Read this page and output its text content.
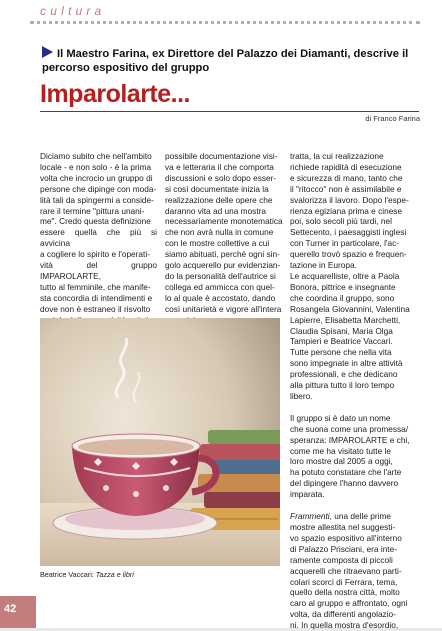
cultura
Il Maestro Farina, ex Direttore del Palazzo dei Diamanti, descrive il percorso espositivo del gruppo
Imparolarte...
di Franco Farina

Diciamo subito che nell'ambito
locale - e non solo - è la prima
volta che incrocio un gruppo di
persone che dipinge con moda-
lità tali da spingermi a conside-
rare il termine "pittura unani-
me". Credo questa definizione
essere quella che più si avvicina
a cogliere lo spirito e l'operati-
vità del gruppo IMPAROLARTE,
tutto al femminile, che manife-
sta concordia di intendimenti e
dove non è estraneo il risvolto

possibile documentazione visi-
va e letteraria il che comporta
discussioni e solo dopo esser-
si così documentate inizia la
realizzazione delle opere che
daranno vita ad una mostra
necessariamente monotematica
che non avrà nulla in comune
con le mostre collettive a cui
siamo abituati, perché ogni sin-
golo acquerello pur evidenzian-
do la personalità dell'autrice si
collega ed ammicca con quel-
lo al quale è accostato, dando
così unitarietà e vigore all'intera

tratta, la cui realizzazione
richiede rapidità di esecuzione
e sicurezza di mano, tanto che
il "ritocco" non è assimilabile e
svalorizza il lavoro. Dopo l'espe-
rienza egiziana prima e cinese
poi, solo secoli più tardi, nel
Settecento, i paesaggisti inglesi
con Turner in particolare, l'ac-
querello trovò spazio e frequen-
tazione in Europa.
Le acquarelliste, oltre a Paola
Bonora, pittrice e insegnante
che coordina il gruppo, sono
Rosangela Giovannini, Valentina
Lapierre, Elisabetta Marchetti,
Claudia Spisani, Maria Olga
Tampieri e Beatrice Vaccari.
Tutte persone che nella vita
sono impegnate in altre attività
professionali, e che dedicano
alla pittura tutto il loro tempo
libero.

Il gruppo si è dato un nome
che suona come una promessa/
speranza: IMPAROLARTE e chi,
come me ha visitato tutte le
loro mostre dal 2005 a oggi,
ha potuto constatare che l'arte
del dipingere l'hanno davvero
imparata.

Frammenti, una delle prime
mostre allestita nel suggesti-
vo spazio espositivo all'interno
di Palazzo Prisciani, era inte-
ramente composta di piccoli
acquerelli che ritraevano parti-
colari scorci di Ferrara, tema,
quello della nostra città, molto
caro al gruppo e affrontato, ogni
volta, da differenti angolazio-
ni. In quella mostra d'esordio,

Beatrice Vaccari: Tazza e libri
42
